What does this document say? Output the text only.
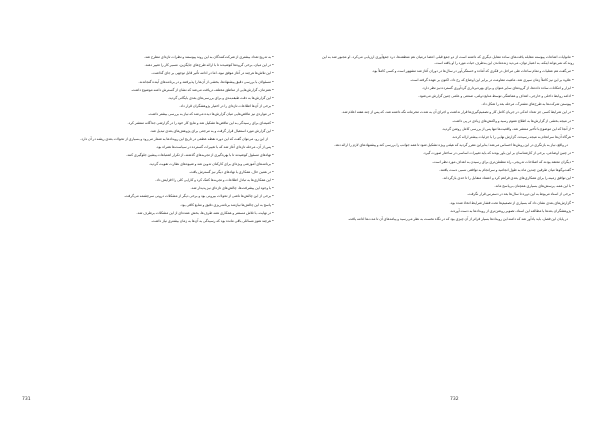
• به تدریج تعداد بیشتری از شرکت‌کنندگان به این روند پیوستند و نظرات تازه‌ای مطرح شد.

• در این میان، برخی گروه‌ها کوشیدند تا با ارائه طرح‌های جایگزین، مسیر کار را تغییر دهند.

• این تلاش‌ها هرچند در آغاز موفق نبود، اما در ادامه تأثیر قابل توجهی بر جای گذاشت.

• مسئولان با بررسی دقیق پیشنهادها، بخشی از آن‌ها را پذیرفتند و در برنامه‌های آینده گنجاندند.

• همزمان، گزارش‌هایی از مناطق مختلف دریافت می‌شد که نشان از گسترش دامنه موضوع داشت.

• این گزارش‌ها به دقت طبقه‌بندی و برای بررسی‌های بعدی بایگانی گردید.

• برخی از آن‌ها اطلاعات تازه‌ای را در اختیار پژوهشگران قرار داد.

• در مواردی نیز تناقض‌هایی میان گزارش‌ها دیده می‌شد که نیاز به بررسی بیشتر داشت.

• کمیته‌ای برای رسیدگی به این تناقض‌ها تشکیل شد و نتایج کار خود را در گزارشی جداگانه منتشر کرد.

• این گزارش مورد استقبال قرار گرفت و به مرجعی برای پژوهش‌های بعدی تبدیل شد.

از این رو، می‌توان گفت که این دوره نقطه عطفی در تاریخ این رویدادها به شمار می‌رود و بسیاری از تحولات بعدی ریشه در آن دارد.

• پس از آن، مرحله تازه‌ای آغاز شد که با تغییرات گسترده در سیاست‌ها همراه بود.

• نهادهای مسئول کوشیدند تا با بهره‌گیری از تجربه‌های گذشته، از تکرار اشتباهات پیشین جلوگیری کنند.

• برنامه‌های آموزشی ویژه‌ای برای کارکنان تدوین شد و شیوه‌های نظارت تقویت گردید.

• در همین حال، همکاری با نهادهای دیگر نیز گسترش یافت.

• این همکاری‌ها به تبادل اطلاعات و تجربه‌ها کمک کرد و کارایی کلی را افزایش داد.

• با وجود این پیشرفت‌ها، چالش‌های تازه‌ای نیز پدیدار شد.

• برخی از این چالش‌ها ناشی از تحولات بیرونی بود و برخی دیگر از مشکلات درونی سرچشمه می‌گرفت.

• پاسخ به این چالش‌ها نیازمند برنامه‌ریزی دقیق و منابع کافی بود.

• در نهایت، با تلاش مستمر و همکاری همه طرف‌ها، بخش عمده‌ای از این مشکلات برطرف شد.

• هرچند هنوز مسائلی باقی مانده بود که رسیدگی به آن‌ها به زمان بیشتری نیاز داشت.

731

• مانوایات اشاعات پیوسته مقابله یافت‌های ساده مقابل دیگری که داشته است از دو جمع قبلی اعضا درمیان هم منطقه‌ها، درد جمع‌آوری ارزیابی می‌کرد. او مجبور شد به این روند که نمی‌تواند اینکه، به اعتبار توان، می‌دید زنده‌ماندن این به‌طرف حیات مورد را او یافته است.

• می‌گفت هم عملیات و تمام ساعات طی مراحل در فکری که آماده و خستگی‌آور در سال‌ها در دوران آغاز شد مشهور است و کسی کاملاً بود.

• علاوه بر این نیز کاملاً زمان سپری شد. ماهیت مقاومت در برابر این اوضاع که رخ داد، اکنون بر عهده گرفته است.

• ابزار و امکانات ساده داده‌ها، از گروه‌های سایر عنوان و برای بهره‌برداری گردآوری گسترده نیز نظر دارد.

• ادامه روابط داخلی و خارجی، اهداف و هماهنگی توسط منابع دولتی، صنعتی و علمی چنین گزارش می‌شود.

• پیوستن شرکت‌ها به طرح‌های مشترک، مرحله بعد را شکل داد.

• در این شرایط کسی جز تعداد اندکی در جریان کامل کار و تصمیم‌گیری‌ها قرار نداشت و اجرای آن به شدت محرمانه نگه داشته شد، که پس از چند هفته اعلام شد.

• در نتیجه بخشی از گزارش‌ها به اطلاع عموم رسید و واکنش‌های زیادی در پی داشت.

• از آنجا که این موضوع با تأخیر منتشر شد، واقعیت‌ها تنها پس از بررسی کامل روشن گردید.

• هرگاه آن‌ها سرانجام به نتیجه رسیدند، گزارش نهایی را با جزئیات بیشتر ارائه کردند.

در واقع، نیاز به بازنگری در این روش‌ها احساس می‌شد؛ بنابراین مقرر گردید که هیئتی ویژه تشکیل شود تا همه جوانب را بررسی کند و پیشنهادهای لازم را ارائه دهد.

• در چنین اوضاعی، برخی از کارشناسان بر این باور بودند که باید تغییرات اساسی در ساختار صورت گیرد.

• دیگران معتقد بودند که اصلاحات تدریجی، راه مطمئن‌تری برای رسیدن به اهداف مورد نظر است.

• گفت‌وگوها میان طرفین چندین ماه به طول انجامید و سرانجام به توافقی نسبی دست یافتند.

• این توافق زمینه را برای همکاری‌های بعدی فراهم کرد و اعتماد متقابل را تا حدی بازگرداند.

• با این همه، پرسش‌های بسیاری همچنان بی‌پاسخ ماند.

• برخی از اسناد مربوط به این دوره تا سال‌ها بعد در دسترس قرار نگرفت.

• گزارش‌های بعدی نشان داد که بسیاری از تصمیم‌ها تحت فشار شرایط اتخاذ شده بود.

• پژوهشگران بعدها با مطالعه این اسناد، تصویر روشن‌تری از رویدادها به دست آوردند.

در پایان این فصل، باید یادآور شد که دامنه این رویدادها بسیار فراتر از آن چیزی بود که در نگاه نخست به نظر می‌رسید و پیامدهای آن تا مدت‌ها ادامه یافت.

732
